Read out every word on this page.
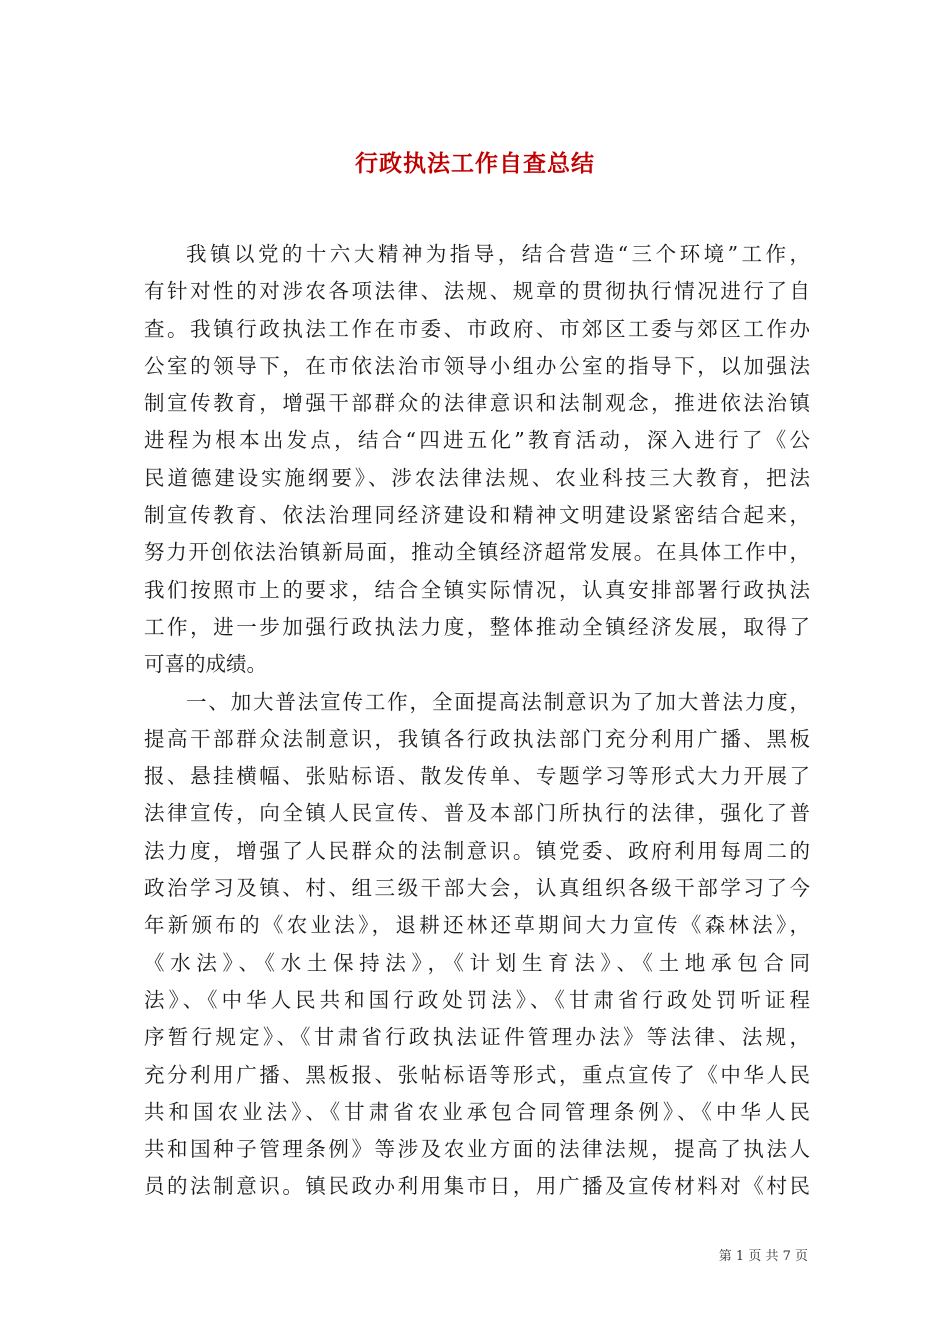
行政执法工作自查总结

我镇以党的十六大精神为指导，结合营造“三个环境”工作，
有针对性的对涉农各项法律、法规、规章的贯彻执行情况进行了自
查。我镇行政执法工作在市委、市政府、市郊区工委与郊区工作办
公室的领导下，在市依法治市领导小组办公室的指导下，以加强法
制宣传教育，增强干部群众的法律意识和法制观念，推进依法治镇
进程为根本出发点，结合“四进五化”教育活动，深入进行了《公
民道德建设实施纲要》、涉农法律法规、农业科技三大教育，把法
制宣传教育、依法治理同经济建设和精神文明建设紧密结合起来，
努力开创依法治镇新局面，推动全镇经济超常发展。在具体工作中，
我们按照市上的要求，结合全镇实际情况，认真安排部署行政执法
工作，进一步加强行政执法力度，整体推动全镇经济发展，取得了
可喜的成绩。

一、加大普法宣传工作，全面提高法制意识为了加大普法力度，
提高干部群众法制意识，我镇各行政执法部门充分利用广播、黑板
报、悬挂横幅、张贴标语、散发传单、专题学习等形式大力开展了
法律宣传，向全镇人民宣传、普及本部门所执行的法律，强化了普
法力度，增强了人民群众的法制意识。镇党委、政府利用每周二的
政治学习及镇、村、组三级干部大会，认真组织各级干部学习了今
年新颁布的《农业法》，退耕还林还草期间大力宣传《森林法》，
《水法》、《水土保持法》，《计划生育法》、《土地承包合同
法》、《中华人民共和国行政处罚法》、《甘肃省行政处罚听证程
序暂行规定》、《甘肃省行政执法证件管理办法》等法律、法规，
充分利用广播、黑板报、张帖标语等形式，重点宣传了《中华人民
共和国农业法》、《甘肃省农业承包合同管理条例》、《中华人民
共和国种子管理条例》等涉及农业方面的法律法规，提高了执法人
员的法制意识。镇民政办利用集市日，用广播及宣传材料对《村民

第 1 页 共 7 页
